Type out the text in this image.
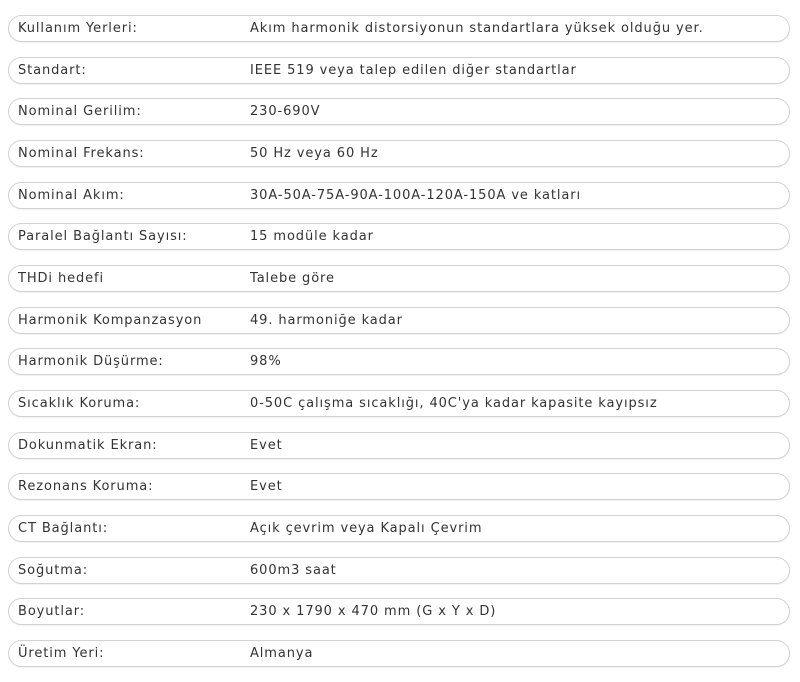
Kullanım Yerleri:	Akım harmonik distorsiyonun standartlara yüksek olduğu yer.
Standart:	IEEE 519 veya talep edilen diğer standartlar
Nominal Gerilim:	230-690V
Nominal Frekans:	50 Hz veya 60 Hz
Nominal Akım:	30A-50A-75A-90A-100A-120A-150A ve katları
Paralel Bağlantı Sayısı:	15 modüle kadar
THDi hedefi	Talebe göre
Harmonik Kompanzasyon	49. harmoniğe kadar
Harmonik Düşürme:	98%
Sıcaklık Koruma:	0-50C çalışma sıcaklığı, 40C'ya kadar kapasite kayıpsız
Dokunmatik Ekran:	Evet
Rezonans Koruma:	Evet
CT Bağlantı:	Açık çevrim veya Kapalı Çevrim
Soğutma:	600m3 saat
Boyutlar:	230 x 1790 x 470 mm (G x Y x D)
Üretim Yeri:	Almanya
